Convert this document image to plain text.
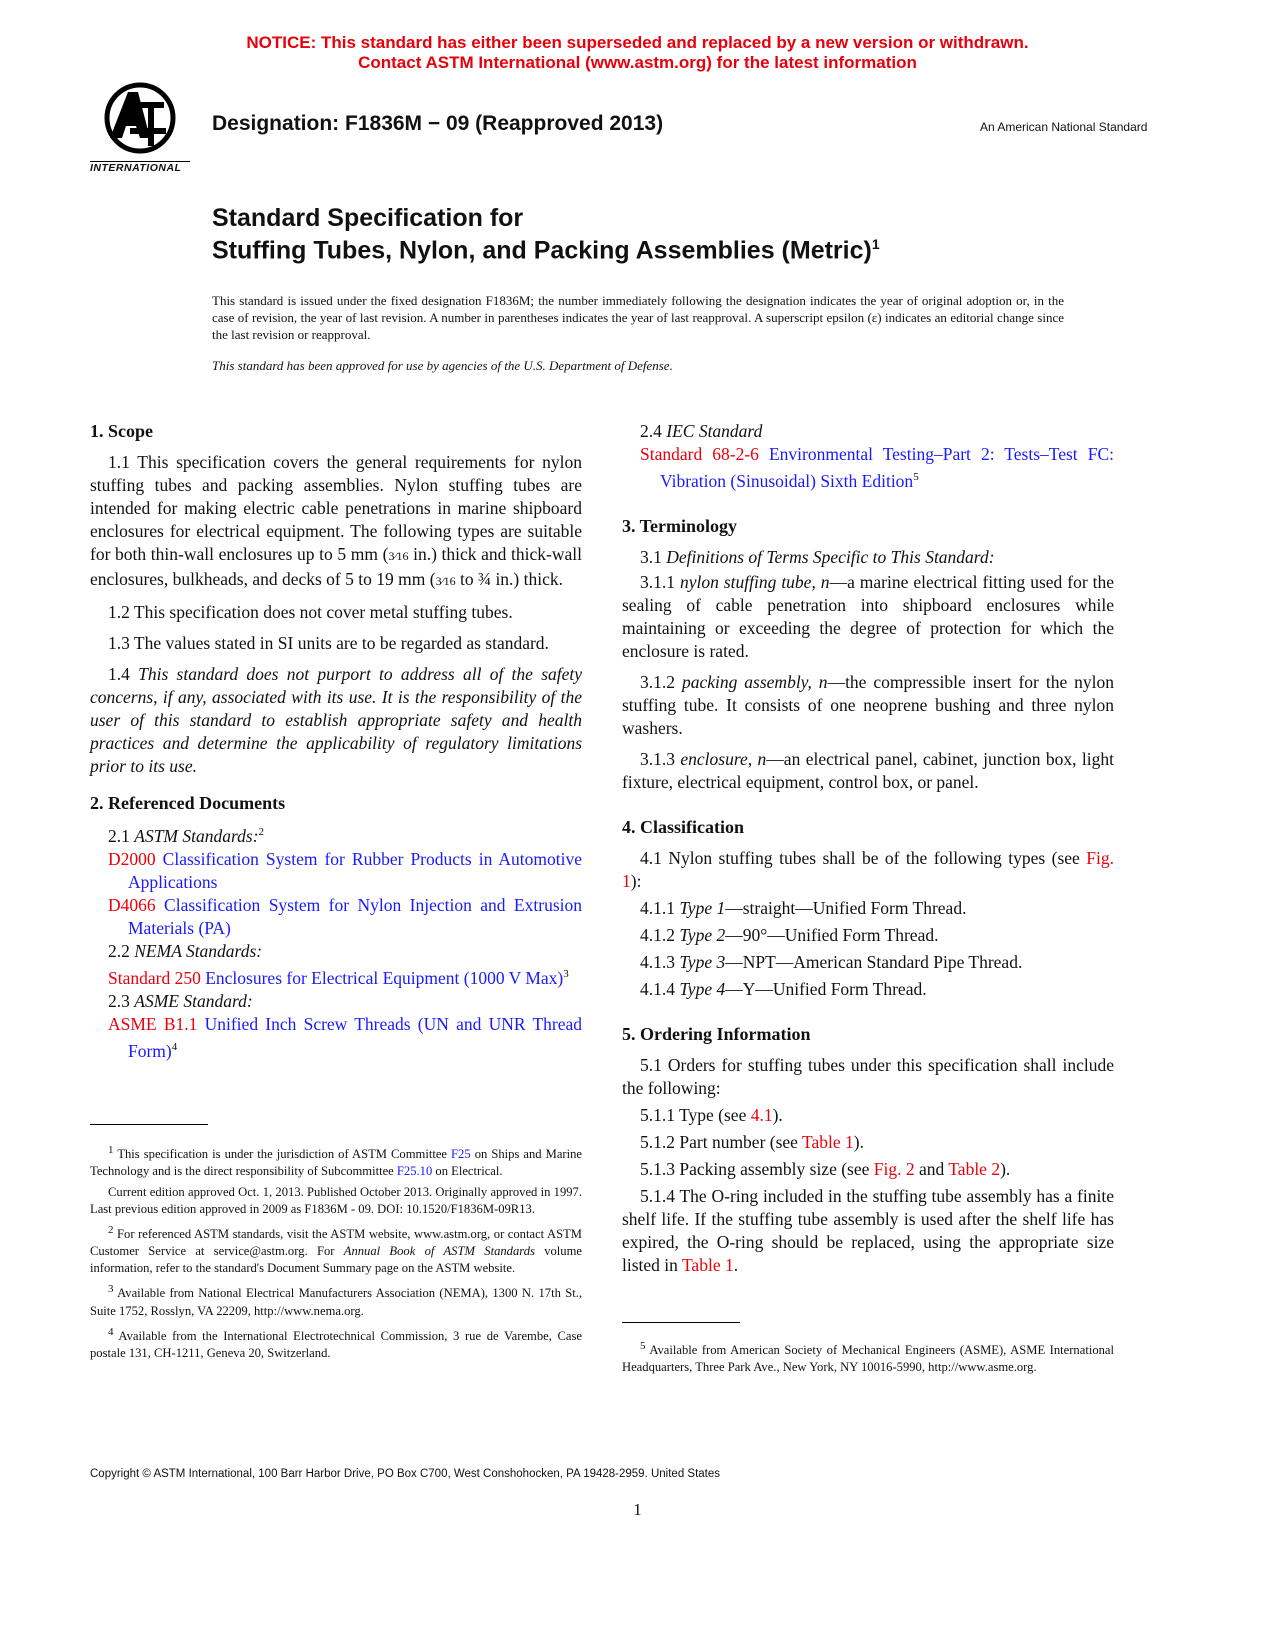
NOTICE: This standard has either been superseded and replaced by a new version or withdrawn.
Contact ASTM International (www.astm.org) for the latest information
INTERNATIONAL
Designation: F1836M − 09 (Reapproved 2013)	An American National Standard
Standard Specification for
Stuffing Tubes, Nylon, and Packing Assemblies (Metric)$^1$
This standard is issued under the fixed designation F1836M; the number immediately following the designation indicates the year of original adoption or, in the case of revision, the year of last revision. A number in parentheses indicates the year of last reapproval. A superscript epsilon (ε) indicates an editorial change since the last revision or reapproval.
This standard has been approved for use by agencies of the U.S. Department of Defense.
1. Scope

1.1 This specification covers the general requirements for nylon stuffing tubes and packing assemblies. Nylon stuffing tubes are intended for making electric cable penetrations in marine shipboard enclosures for electrical equipment. The following types are suitable for both thin-wall enclosures up to 5 mm (3⁄16 in.) thick and thick-wall enclosures, bulkheads, and decks of 5 to 19 mm (3⁄16 to ¾ in.) thick.

1.2 This specification does not cover metal stuffing tubes.

1.3 The values stated in SI units are to be regarded as standard.

1.4 This standard does not purport to address all of the safety concerns, if any, associated with its use. It is the responsibility of the user of this standard to establish appropriate safety and health practices and determine the applicability of regulatory limitations prior to its use.

2. Referenced Documents

2.1 ASTM Standards:$^2$

D2000 Classification System for Rubber Products in Automotive Applications

D4066 Classification System for Nylon Injection and Extrusion Materials (PA)

2.2 NEMA Standards:

Standard 250 Enclosures for Electrical Equipment (1000 V Max)$^3$

2.3 ASME Standard:

ASME B1.1 Unified Inch Screw Threads (UN and UNR Thread Form)$^4$

$^1$ This specification is under the jurisdiction of ASTM Committee F25 on Ships and Marine Technology and is the direct responsibility of Subcommittee F25.10 on Electrical.

Current edition approved Oct. 1, 2013. Published October 2013. Originally approved in 1997. Last previous edition approved in 2009 as F1836M - 09. DOI: 10.1520/F1836M-09R13.

$^2$ For referenced ASTM standards, visit the ASTM website, www.astm.org, or contact ASTM Customer Service at service@astm.org. For Annual Book of ASTM Standards volume information, refer to the standard's Document Summary page on the ASTM website.

$^3$ Available from National Electrical Manufacturers Association (NEMA), 1300 N. 17th St., Suite 1752, Rosslyn, VA 22209, http://www.nema.org.

$^4$ Available from the International Electrotechnical Commission, 3 rue de Varembe, Case postale 131, CH-1211, Geneva 20, Switzerland.

2.4 IEC Standard

Standard 68-2-6 Environmental Testing–Part 2: Tests–Test FC: Vibration (Sinusoidal) Sixth Edition$^5$

3. Terminology

3.1 Definitions of Terms Specific to This Standard:

3.1.1 nylon stuffing tube, n—a marine electrical fitting used for the sealing of cable penetration into shipboard enclosures while maintaining or exceeding the degree of protection for which the enclosure is rated.

3.1.2 packing assembly, n—the compressible insert for the nylon stuffing tube. It consists of one neoprene bushing and three nylon washers.

3.1.3 enclosure, n—an electrical panel, cabinet, junction box, light fixture, electrical equipment, control box, or panel.

4. Classification

4.1 Nylon stuffing tubes shall be of the following types (see Fig. 1):

4.1.1 Type 1—straight—Unified Form Thread.

4.1.2 Type 2—90°—Unified Form Thread.

4.1.3 Type 3—NPT—American Standard Pipe Thread.

4.1.4 Type 4—Y—Unified Form Thread.

5. Ordering Information

5.1 Orders for stuffing tubes under this specification shall include the following:

5.1.1 Type (see 4.1).

5.1.2 Part number (see Table 1).

5.1.3 Packing assembly size (see Fig. 2 and Table 2).

5.1.4 The O-ring included in the stuffing tube assembly has a finite shelf life. If the stuffing tube assembly is used after the shelf life has expired, the O-ring should be replaced, using the appropriate size listed in Table 1.

$^5$ Available from American Society of Mechanical Engineers (ASME), ASME International Headquarters, Three Park Ave., New York, NY 10016-5990, http://www.asme.org.

Copyright © ASTM International, 100 Barr Harbor Drive, PO Box C700, West Conshohocken, PA 19428-2959. United States
1
